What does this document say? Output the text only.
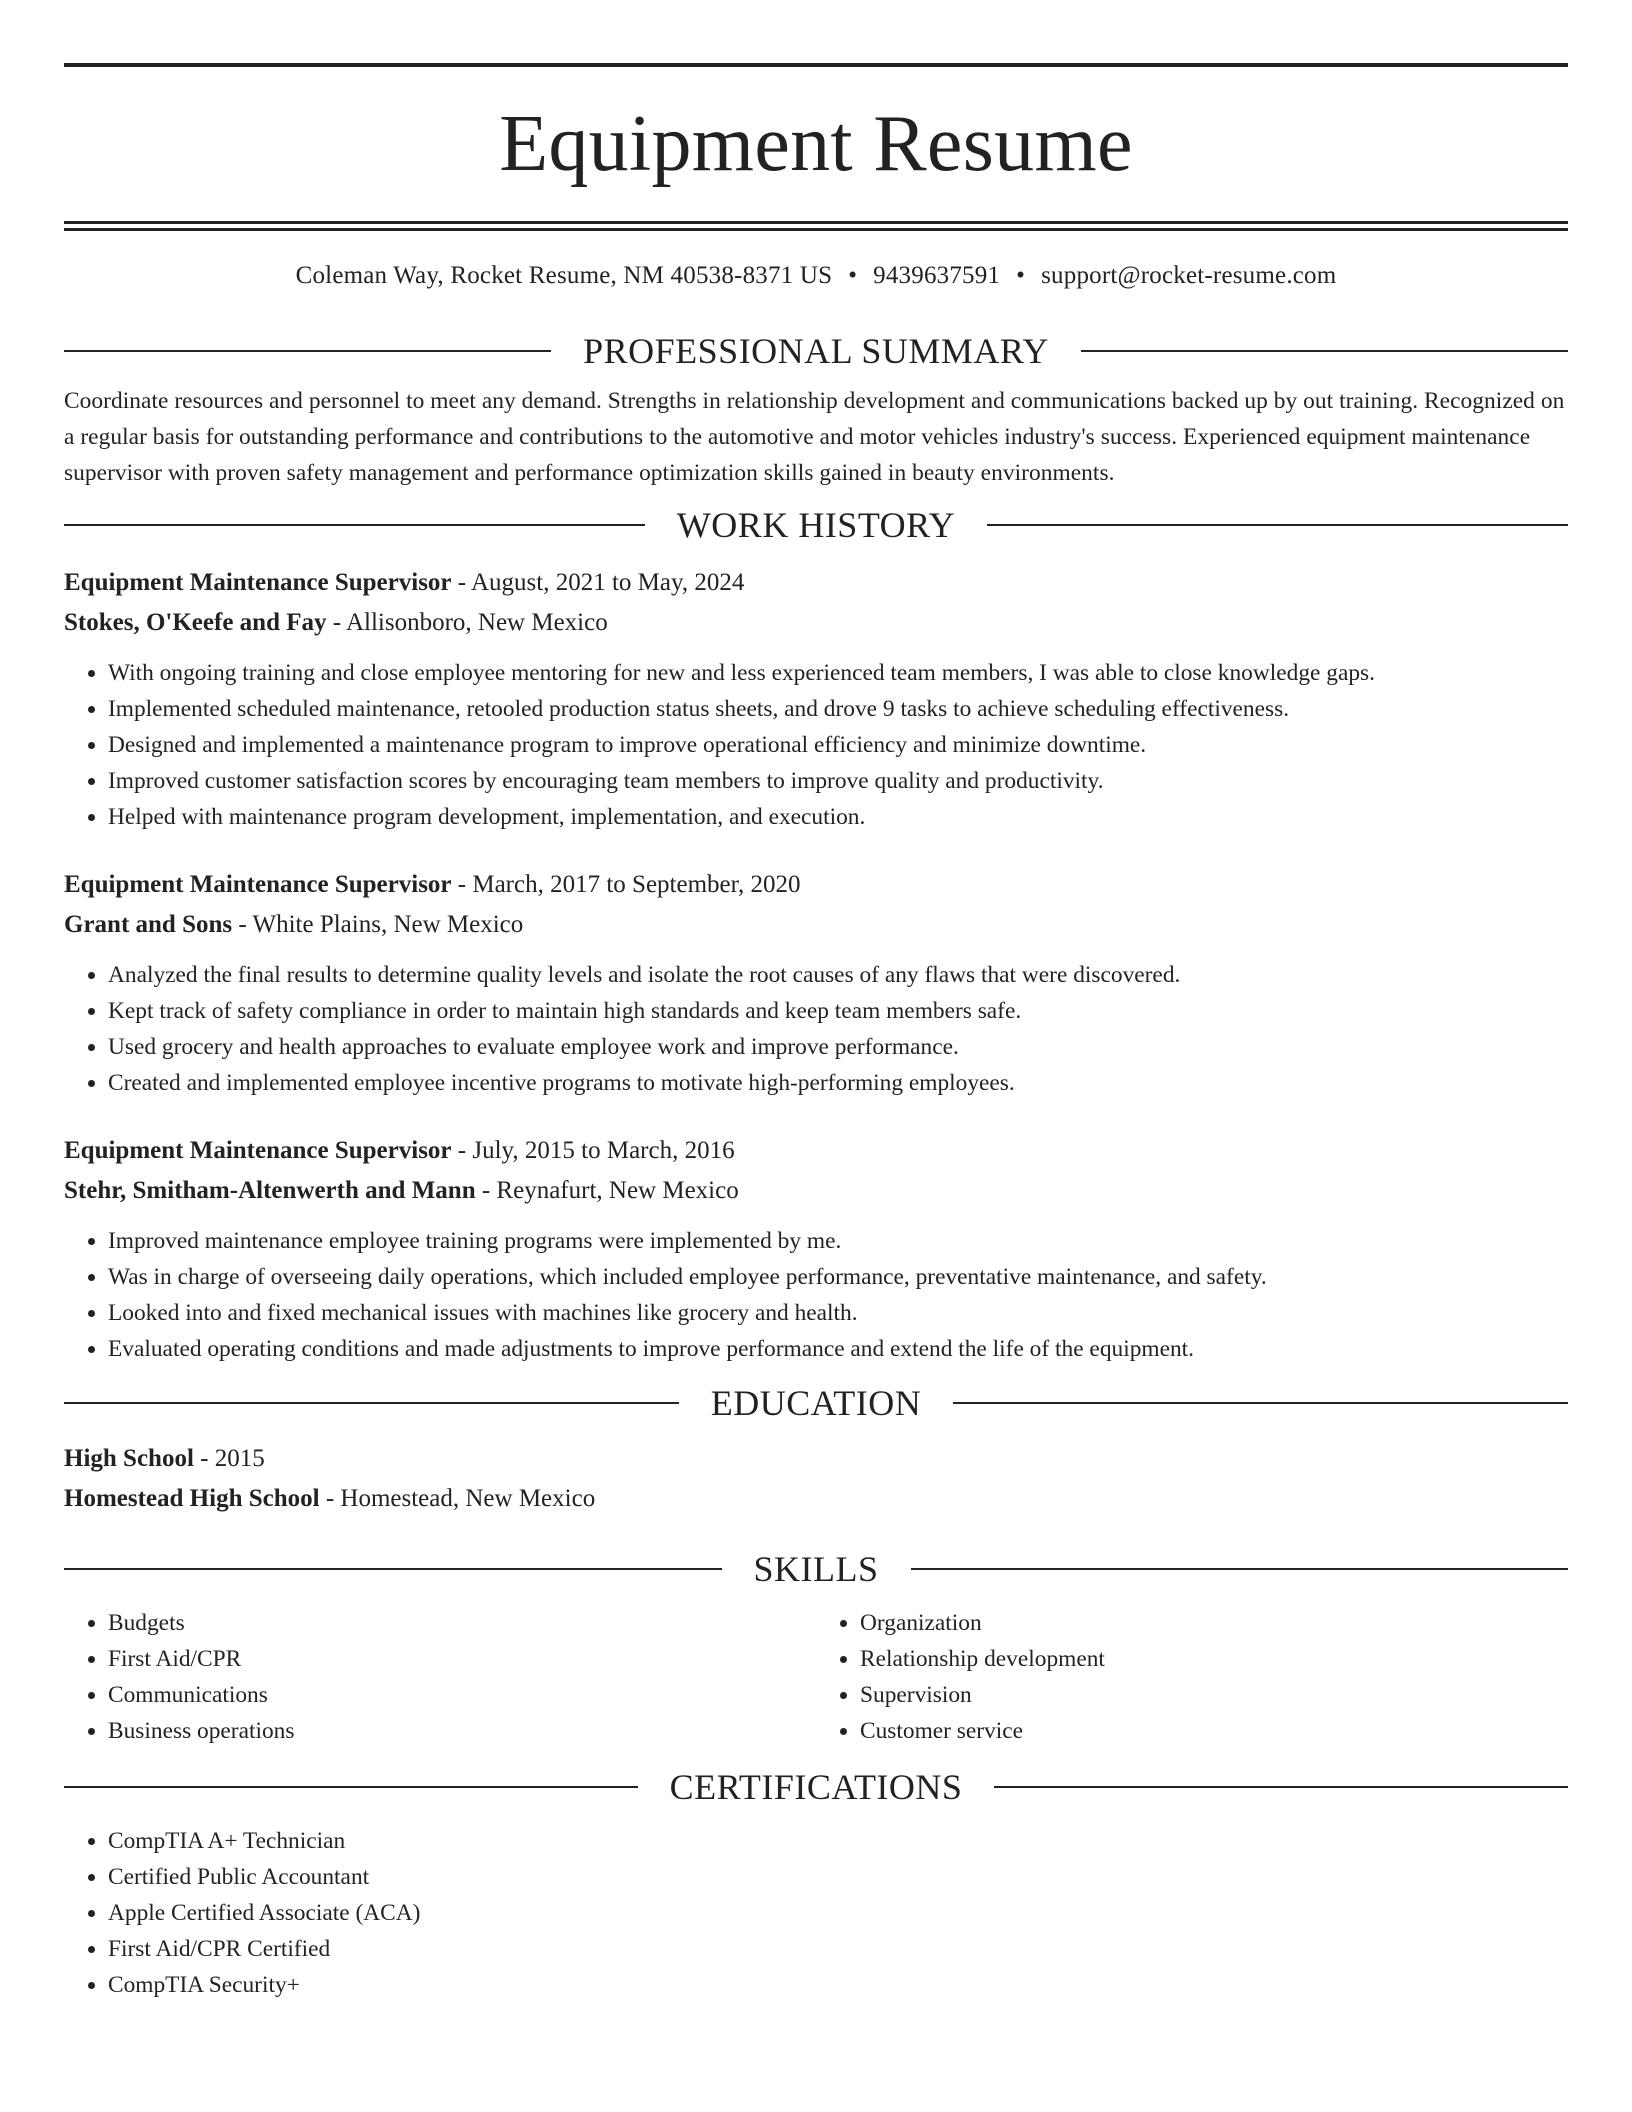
Equipment Resume
Coleman Way, Rocket Resume, NM 40538-8371 US • 9439637591 • support@rocket-resume.com
PROFESSIONAL SUMMARY
Coordinate resources and personnel to meet any demand. Strengths in relationship development and communications backed up by out training. Recognized on a regular basis for outstanding performance and contributions to the automotive and motor vehicles industry's success. Experienced equipment maintenance supervisor with proven safety management and performance optimization skills gained in beauty environments.
WORK HISTORY
Equipment Maintenance Supervisor - August, 2021 to May, 2024
Stokes, O'Keefe and Fay - Allisonboro, New Mexico
• With ongoing training and close employee mentoring for new and less experienced team members, I was able to close knowledge gaps.
• Implemented scheduled maintenance, retooled production status sheets, and drove 9 tasks to achieve scheduling effectiveness.
• Designed and implemented a maintenance program to improve operational efficiency and minimize downtime.
• Improved customer satisfaction scores by encouraging team members to improve quality and productivity.
• Helped with maintenance program development, implementation, and execution.
Equipment Maintenance Supervisor - March, 2017 to September, 2020
Grant and Sons - White Plains, New Mexico
• Analyzed the final results to determine quality levels and isolate the root causes of any flaws that were discovered.
• Kept track of safety compliance in order to maintain high standards and keep team members safe.
• Used grocery and health approaches to evaluate employee work and improve performance.
• Created and implemented employee incentive programs to motivate high-performing employees.
Equipment Maintenance Supervisor - July, 2015 to March, 2016
Stehr, Smitham-Altenwerth and Mann - Reynafurt, New Mexico
• Improved maintenance employee training programs were implemented by me.
• Was in charge of overseeing daily operations, which included employee performance, preventative maintenance, and safety.
• Looked into and fixed mechanical issues with machines like grocery and health.
• Evaluated operating conditions and made adjustments to improve performance and extend the life of the equipment.
EDUCATION
High School - 2015
Homestead High School - Homestead, New Mexico
SKILLS
• Budgets
• First Aid/CPR
• Communications
• Business operations
• Organization
• Relationship development
• Supervision
• Customer service
CERTIFICATIONS
• CompTIA A+ Technician
• Certified Public Accountant
• Apple Certified Associate (ACA)
• First Aid/CPR Certified
• CompTIA Security+
